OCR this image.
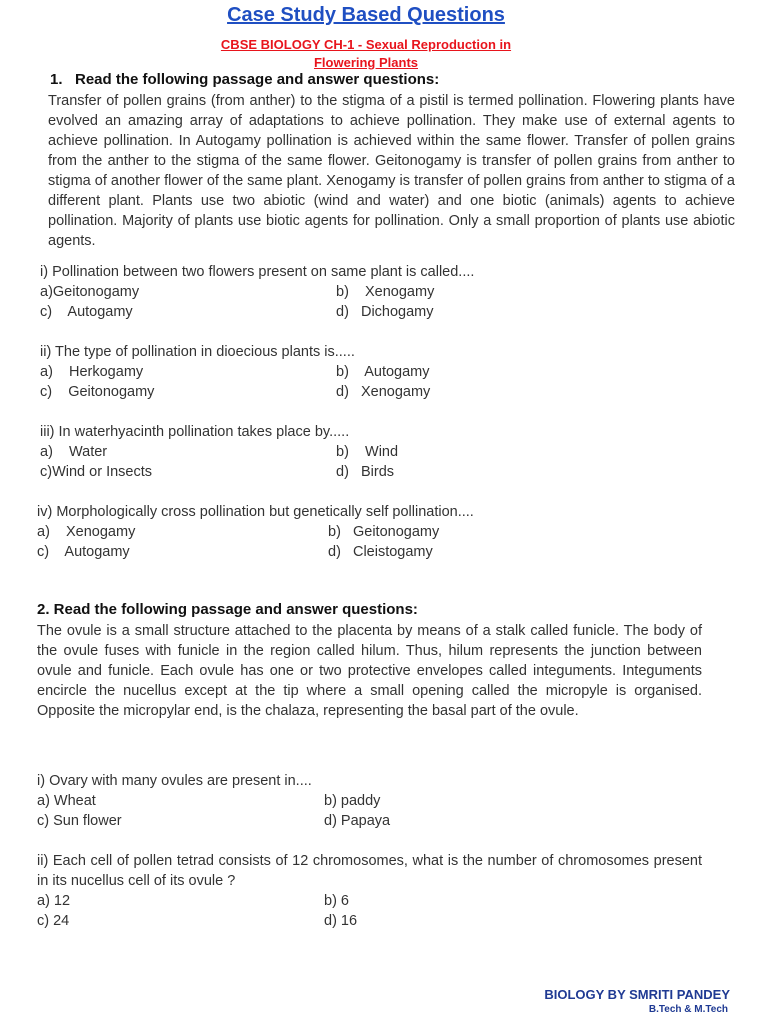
Case Study Based Questions
CBSE BIOLOGY CH-1 - Sexual Reproduction in
Flowering Plants
1.   Read the following passage and answer questions:
Transfer of pollen grains (from anther) to the stigma of a pistil is termed pollination. Flowering plants have evolved an amazing array of adaptations to achieve pollination. They make use of external agents to achieve pollination. In Autogamy pollination is achieved within the same flower. Transfer of pollen grains from the anther to the stigma of the same flower. Geitonogamy is transfer of pollen grains from anther to stigma of another flower of the same plant. Xenogamy is transfer of pollen grains from anther to stigma of a different plant. Plants use two abiotic (wind and water) and one biotic (animals) agents to achieve pollination. Majority of plants use biotic agents for pollination. Only a small proportion of plants use abiotic agents.
i) Pollination between two flowers present on same plant is called....
a)Geitonogamy	b)    Xenogamy
c)    Autogamy	d)   Dichogamy
ii) The type of pollination in dioecious plants is.....
a)    Herkogamy	b)    Autogamy
c)    Geitonogamy	d)   Xenogamy
iii) In waterhyacinth pollination takes place by.....
a)    Water	b)    Wind
c)Wind or Insects	d)   Birds
iv) Morphologically cross pollination but genetically self pollination....
a)    Xenogamy	b)   Geitonogamy
c)    Autogamy	d)   Cleistogamy
2. Read the following passage and answer questions:
The ovule is a small structure attached to the placenta by means of a stalk called funicle. The body of the ovule fuses with funicle in the region called hilum. Thus, hilum represents the junction between ovule and funicle. Each ovule has one or two protective envelopes called integuments. Integuments encircle the nucellus except at the tip where a small opening called the micropyle is organised. Opposite the micropylar end, is the chalaza, representing the basal part of the ovule.
i) Ovary with many ovules are present in....
a) Wheat	b) paddy
c) Sun flower	d) Papaya
ii) Each cell of pollen tetrad consists of 12 chromosomes, what is the number of chromosomes present in its nucellus cell of its ovule ?
a) 12	b) 6
c) 24	d) 16
BIOLOGY BY SMRITI PANDEY
B.Tech & M.Tech
